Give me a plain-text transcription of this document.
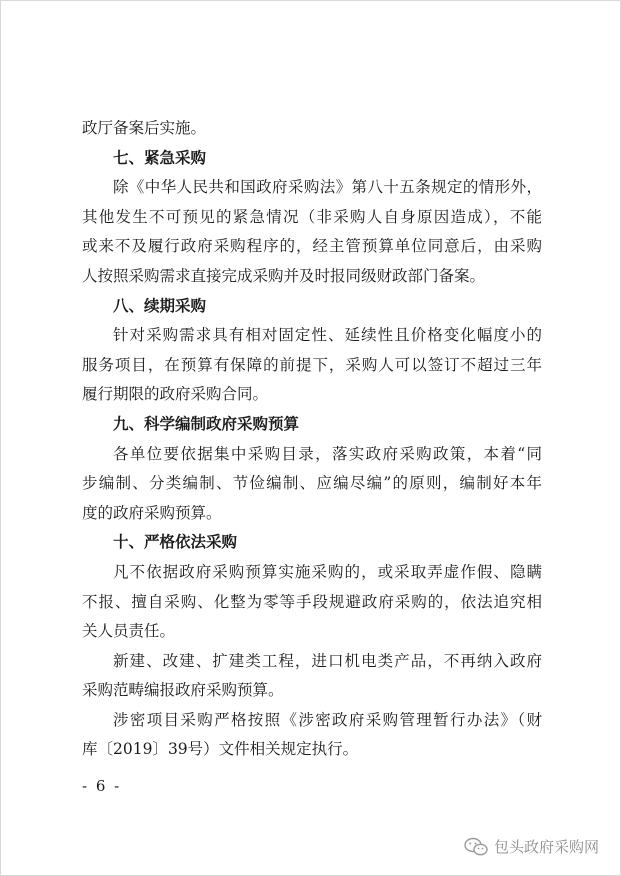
政厅备案后实施。
七、紧急采购
除《中华人民共和国政府采购法》第八十五条规定的情形外，
其他发生不可预见的紧急情况（非采购人自身原因造成），不能
或来不及履行政府采购程序的，经主管预算单位同意后，由采购
人按照采购需求直接完成采购并及时报同级财政部门备案。
八、续期采购
针对采购需求具有相对固定性、延续性且价格变化幅度小的
服务项目，在预算有保障的前提下，采购人可以签订不超过三年
履行期限的政府采购合同。
九、科学编制政府采购预算
各单位要依据集中采购目录，落实政府采购政策，本着“同
步编制、分类编制、节俭编制、应编尽编”的原则，编制好本年
度的政府采购预算。
十、严格依法采购
凡不依据政府采购预算实施采购的，或采取弄虚作假、隐瞒
不报、擅自采购、化整为零等手段规避政府采购的，依法追究相
关人员责任。
新建、改建、扩建类工程，进口机电类产品，不再纳入政府
采购范畴编报政府采购预算。
涉密项目采购严格按照《涉密政府采购管理暂行办法》（财
库〔2019〕39号）文件相关规定执行。
- 6 -
包头政府采购网
